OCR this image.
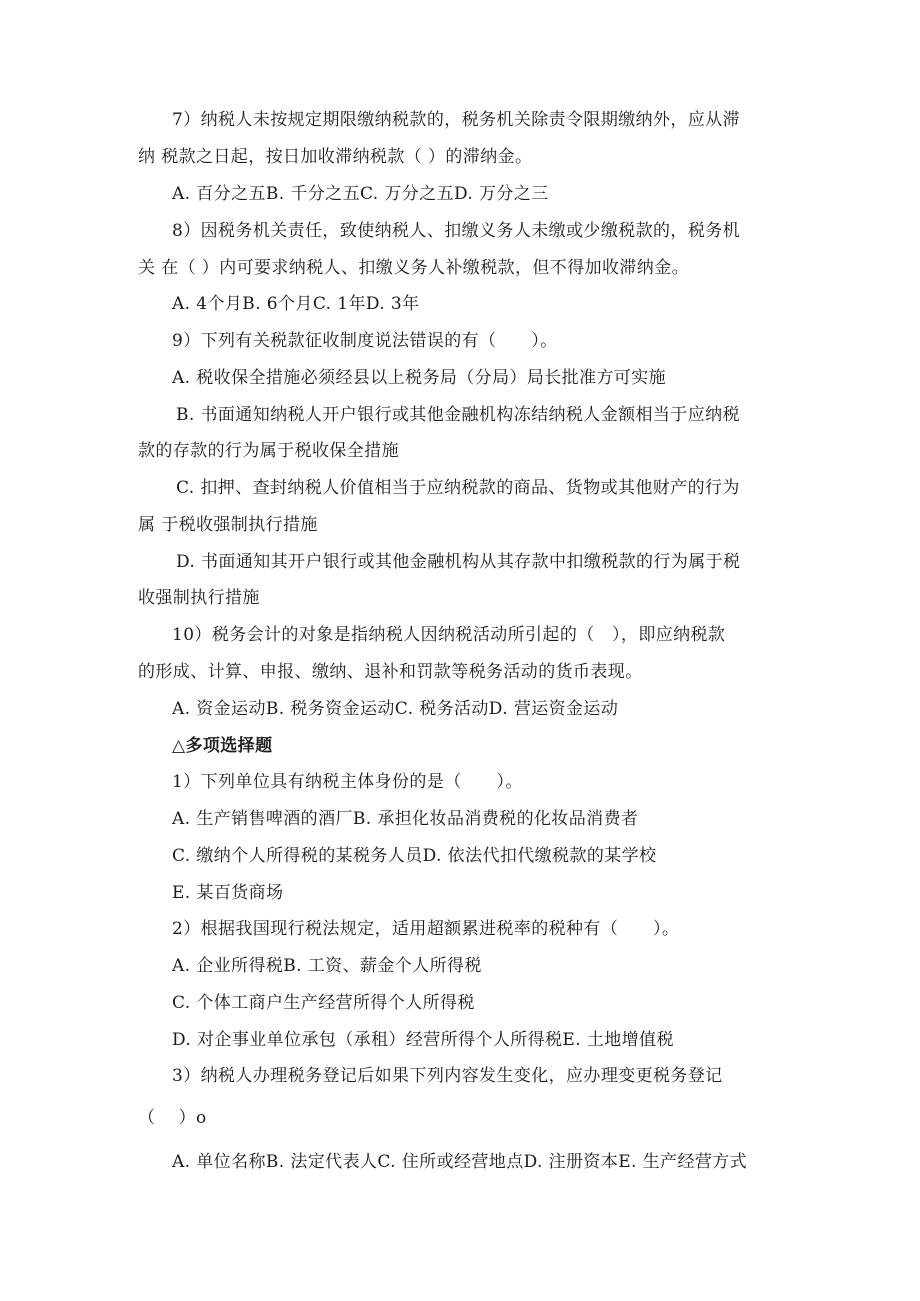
7）纳税人未按规定期限缴纳税款的，税务机关除责令限期缴纳外，应从滞
纳 税款之日起，按日加收滞纳税款（ ）的滞纳金。
A. 百分之五B. 千分之五C. 万分之五D. 万分之三
8）因税务机关责任，致使纳税人、扣缴义务人未缴或少缴税款的，税务机
关 在（ ）内可要求纳税人、扣缴义务人补缴税款，但不得加收滞纳金。
A. 4个月B. 6个月C. 1年D. 3年
9）下列有关税款征收制度说法错误的有（　　）。
A. 税收保全措施必须经县以上税务局（分局）局长批准方可实施
B. 书面通知纳税人开户银行或其他金融机构冻结纳税人金额相当于应纳税
款的存款的行为属于税收保全措施
C. 扣押、查封纳税人价值相当于应纳税款的商品、货物或其他财产的行为
属 于税收强制执行措施
D. 书面通知其开户银行或其他金融机构从其存款中扣缴税款的行为属于税
收强制执行措施
10）税务会计的对象是指纳税人因纳税活动所引起的（　），即应纳税款
的形成、计算、申报、缴纳、退补和罚款等税务活动的货币表现。
A. 资金运动B. 税务资金运动C. 税务活动D. 营运资金运动
△多项选择题
1）下列单位具有纳税主体身份的是（　　）。
A. 生产销售啤酒的酒厂B. 承担化妆品消费税的化妆品消费者
C. 缴纳个人所得税的某税务人员D. 依法代扣代缴税款的某学校
E. 某百货商场
2）根据我国现行税法规定，适用超额累进税率的税种有（　　）。
A. 企业所得税B. 工资、薪金个人所得税
C. 个体工商户生产经营所得个人所得税
D. 对企事业单位承包（承租）经营所得个人所得税E. 土地增值税
3）纳税人办理税务登记后如果下列内容发生变化，应办理变更税务登记
（　 ）o
A. 单位名称B. 法定代表人C. 住所或经营地点D. 注册资本E. 生产经营方式
